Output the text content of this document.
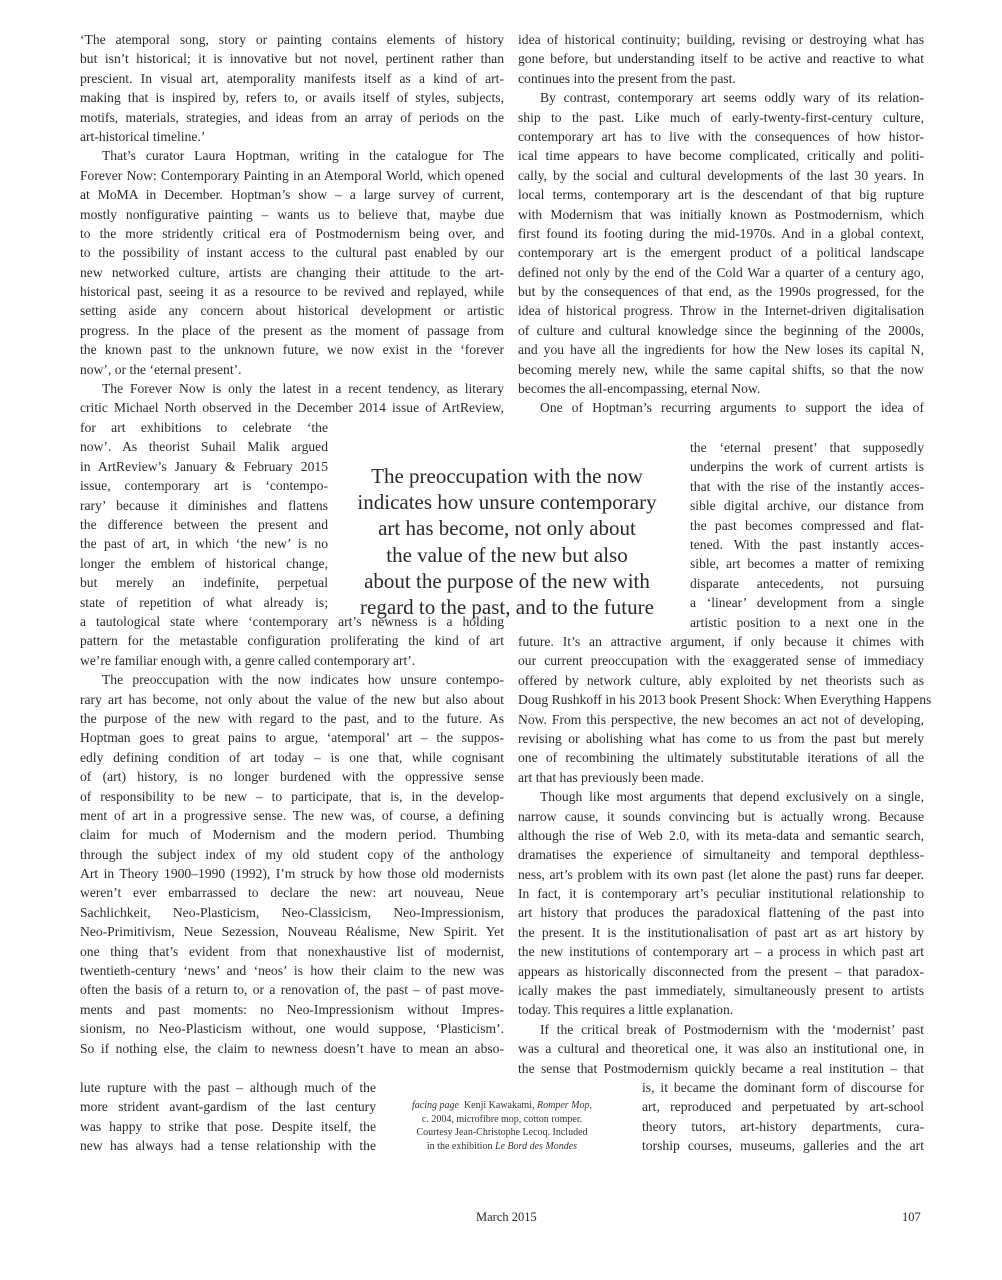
‘The atemporal song, story or painting contains elements of history
but isn’t historical; it is innovative but not novel, pertinent rather than
prescient. In visual art, atemporality manifests itself as a kind of art-
making that is inspired by, refers to, or avails itself of styles, subjects,
motifs, materials, strategies, and ideas from an array of periods on the
art-historical timeline.’
That’s curator Laura Hoptman, writing in the catalogue for The
Forever Now: Contemporary Painting in an Atemporal World, which opened
at MoMA in December. Hoptman’s show – a large survey of current,
mostly nonfigurative painting – wants us to believe that, maybe due
to the more stridently critical era of Postmodernism being over, and
to the possibility of instant access to the cultural past enabled by our
new networked culture, artists are changing their attitude to the art-
historical past, seeing it as a resource to be revived and replayed, while
setting aside any concern about historical development or artistic
progress. In the place of the present as the moment of passage from
the known past to the unknown future, we now exist in the ‘forever
now’, or the ‘eternal present’.
The Forever Now is only the latest in a recent tendency, as literary
critic Michael North observed in the December 2014 issue of ArtReview,
for art exhibitions to celebrate ‘the
now’. As theorist Suhail Malik argued
in ArtReview’s January & February 2015
issue, contemporary art is ‘contempo-
rary’ because it diminishes and flattens
the difference between the present and
the past of art, in which ‘the new’ is no
longer the emblem of historical change,
but merely an indefinite, perpetual
state of repetition of what already is;
a tautological state where ‘contemporary art’s newness is a holding
pattern for the metastable configuration proliferating the kind of art
we’re familiar enough with, a genre called contemporary art’.
The preoccupation with the now indicates how unsure contempo-
rary art has become, not only about the value of the new but also about
the purpose of the new with regard to the past, and to the future. As
Hoptman goes to great pains to argue, ‘atemporal’ art – the suppos-
edly defining condition of art today – is one that, while cognisant
of (art) history, is no longer burdened with the oppressive sense
of responsibility to be new – to participate, that is, in the develop-
ment of art in a progressive sense. The new was, of course, a defining
claim for much of Modernism and the modern period. Thumbing
through the subject index of my old student copy of the anthology
Art in Theory 1900–1990 (1992), I’m struck by how those old modernists
weren’t ever embarrassed to declare the new: art nouveau, Neue
Sachlichkeit, Neo-Plasticism, Neo-Classicism, Neo-Impressionism,
Neo-Primitivism, Neue Sezession, Nouveau Réalisme, New Spirit. Yet
one thing that’s evident from that nonexhaustive list of modernist,
twentieth-century ‘news’ and ‘neos’ is how their claim to the new was
often the basis of a return to, or a renovation of, the past – of past move-
ments and past moments: no Neo-Impressionism without Impres-
sionism, no Neo-Plasticism without, one would suppose, ‘Plasticism’.
So if nothing else, the claim to newness doesn’t have to mean an abso-
lute rupture with the past – although much of the
more strident avant-gardism of the last century
was happy to strike that pose. Despite itself, the
new has always had a tense relationship with the
idea of historical continuity; building, revising or destroying what has
gone before, but understanding itself to be active and reactive to what
continues into the present from the past.
By contrast, contemporary art seems oddly wary of its relation-
ship to the past. Like much of early-twenty-first-century culture,
contemporary art has to live with the consequences of how histor-
ical time appears to have become complicated, critically and politi-
cally, by the social and cultural developments of the last 30 years. In
local terms, contemporary art is the descendant of that big rupture
with Modernism that was initially known as Postmodernism, which
first found its footing during the mid-1970s. And in a global context,
contemporary art is the emergent product of a political landscape
defined not only by the end of the Cold War a quarter of a century ago,
but by the consequences of that end, as the 1990s progressed, for the
idea of historical progress. Throw in the Internet-driven digitalisation
of culture and cultural knowledge since the beginning of the 2000s,
and you have all the ingredients for how the New loses its capital N,
becoming merely new, while the same capital shifts, so that the now
becomes the all-encompassing, eternal Now.
One of Hoptman’s recurring arguments to support the idea of
the ‘eternal present’ that supposedly
underpins the work of current artists is
that with the rise of the instantly acces-
sible digital archive, our distance from
the past becomes compressed and flat-
tened. With the past instantly acces-
sible, art becomes a matter of remixing
disparate antecedents, not pursuing
a ‘linear’ development from a single
artistic position to a next one in the
future. It’s an attractive argument, if only because it chimes with
our current preoccupation with the exaggerated sense of immediacy
offered by network culture, ably exploited by net theorists such as
Doug Rushkoff in his 2013 book Present Shock: When Everything Happens
Now. From this perspective, the new becomes an act not of developing,
revising or abolishing what has come to us from the past but merely
one of recombining the ultimately substitutable iterations of all the
art that has previously been made.
Though like most arguments that depend exclusively on a single,
narrow cause, it sounds convincing but is actually wrong. Because
although the rise of Web 2.0, with its meta-data and semantic search,
dramatises the experience of simultaneity and temporal depthless-
ness, art’s problem with its own past (let alone the past) runs far deeper.
In fact, it is contemporary art’s peculiar institutional relationship to
art history that produces the paradoxical flattening of the past into
the present. It is the institutionalisation of past art as art history by
the new institutions of contemporary art – a process in which past art
appears as historically disconnected from the present – that paradox-
ically makes the past immediately, simultaneously present to artists
today. This requires a little explanation.
If the critical break of Postmodernism with the ‘modernist’ past
was a cultural and theoretical one, it was also an institutional one, in
the sense that Postmodernism quickly became a real institution – that
is, it became the dominant form of discourse for
art, reproduced and perpetuated by art-school
theory tutors, art-history departments, cura-
torship courses, museums, galleries and the art
The preoccupation with the now
indicates how unsure contemporary
art has become, not only about
the value of the new but also
about the purpose of the new with
regard to the past, and to the future
facing page Kenji Kawakami, Romper Mop,
c. 2004, microfibre mop, cotton romper.
Courtesy Jean-Christophe Lecoq. Included
in the exhibition Le Bord des Mondes
March 2015	107
